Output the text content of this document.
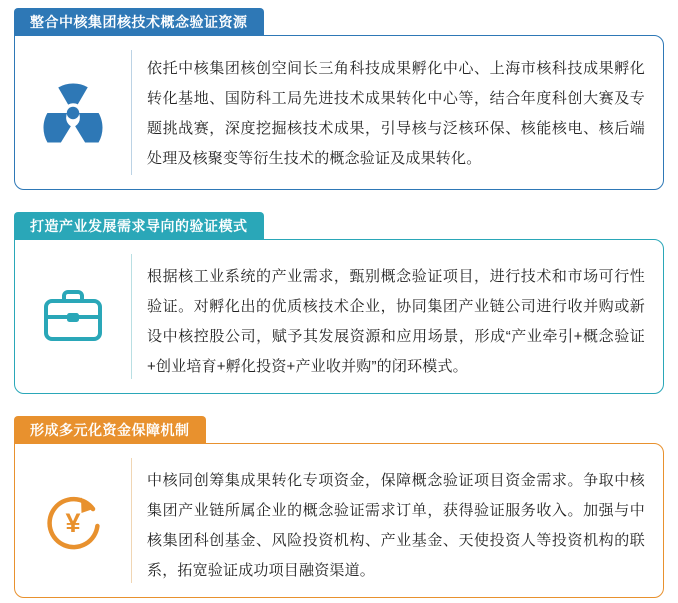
整合中核集团核技术概念验证资源
依托中核集团核创空间长三角科技成果孵化中心、上海市核科技成果孵化转化基地、国防科工局先进技术成果转化中心等，结合年度科创大赛及专题挑战赛，深度挖掘核技术成果，引导核与泛核环保、核能核电、核后端处理及核聚变等衍生技术的概念验证及成果转化。
打造产业发展需求导向的验证模式
根据核工业系统的产业需求，甄别概念验证项目，进行技术和市场可行性验证。对孵化出的优质核技术企业，协同集团产业链公司进行收并购或新设中核控股公司，赋予其发展资源和应用场景，形成“产业牵引+概念验证+创业培育+孵化投资+产业收并购”的闭环模式。
形成多元化资金保障机制
¥
中核同创筹集成果转化专项资金，保障概念验证项目资金需求。争取中核集团产业链所属企业的概念验证需求订单，获得验证服务收入。加强与中核集团科创基金、风险投资机构、产业基金、天使投资人等投资机构的联系，拓宽验证成功项目融资渠道。
